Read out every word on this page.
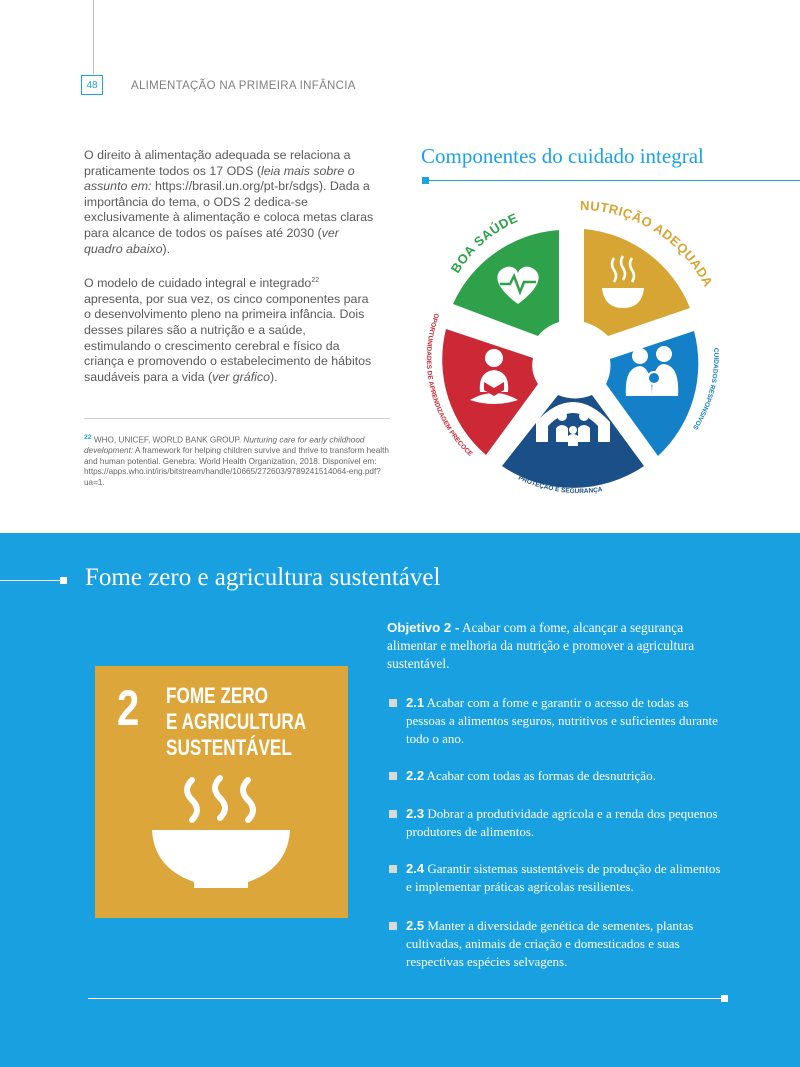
48	ALIMENTAÇÃO NA PRIMEIRA INFÂNCIA

O direito à alimentação adequada se relaciona a praticamente todos os 17 ODS (leia mais sobre o assunto em: https://brasil.un.org/pt-br/sdgs). Dada a importância do tema, o ODS 2 dedica-se exclusivamente à alimentação e coloca metas claras para alcance de todos os países até 2030 (ver quadro abaixo).

O modelo de cuidado integral e integrado$^{22}$ apresenta, por sua vez, os cinco componentes para o desenvolvimento pleno na primeira infância. Dois desses pilares são a nutrição e a saúde, estimulando o crescimento cerebral e físico da criança e promovendo o estabelecimento de hábitos saudáveis para a vida (ver gráfico).

$^{22}$ WHO, UNICEF, WORLD BANK GROUP. Nurturing care for early childhood development: A framework for helping children survive and thrive to transform health and human potential. Genebra: World Health Organization, 2018. Disponível em: https://apps.who.int/iris/bitstream/handle/10665/272603/9789241514064-eng.pdf?ua=1.
Componentes do cuidado integral
BOA SAÚDE
NUTRIÇÃO ADEQUADA
CUIDADOS RESPONSIVOS
PROTEÇÃO E SEGURANÇA
OPORTUNIDADES DE APRENDIZAGEM PRECOCE
Fome zero e agricultura sustentável
2 FOME ZERO
E AGRICULTURA
SUSTENTÁVEL
Objetivo 2 - Acabar com a fome, alcançar a segurança alimentar e melhoria da nutrição e promover a agricultura sustentável.
2.1 Acabar com a fome e garantir o acesso de todas as pessoas a alimentos seguros, nutritivos e suficientes durante todo o ano.
2.2 Acabar com todas as formas de desnutrição.
2.3 Dobrar a produtividade agrícola e a renda dos pequenos produtores de alimentos.
2.4 Garantir sistemas sustentáveis de produção de alimentos e implementar práticas agrícolas resilientes.
2.5 Manter a diversidade genética de sementes, plantas cultivadas, animais de criação e domesticados e suas respectivas espécies selvagens.
